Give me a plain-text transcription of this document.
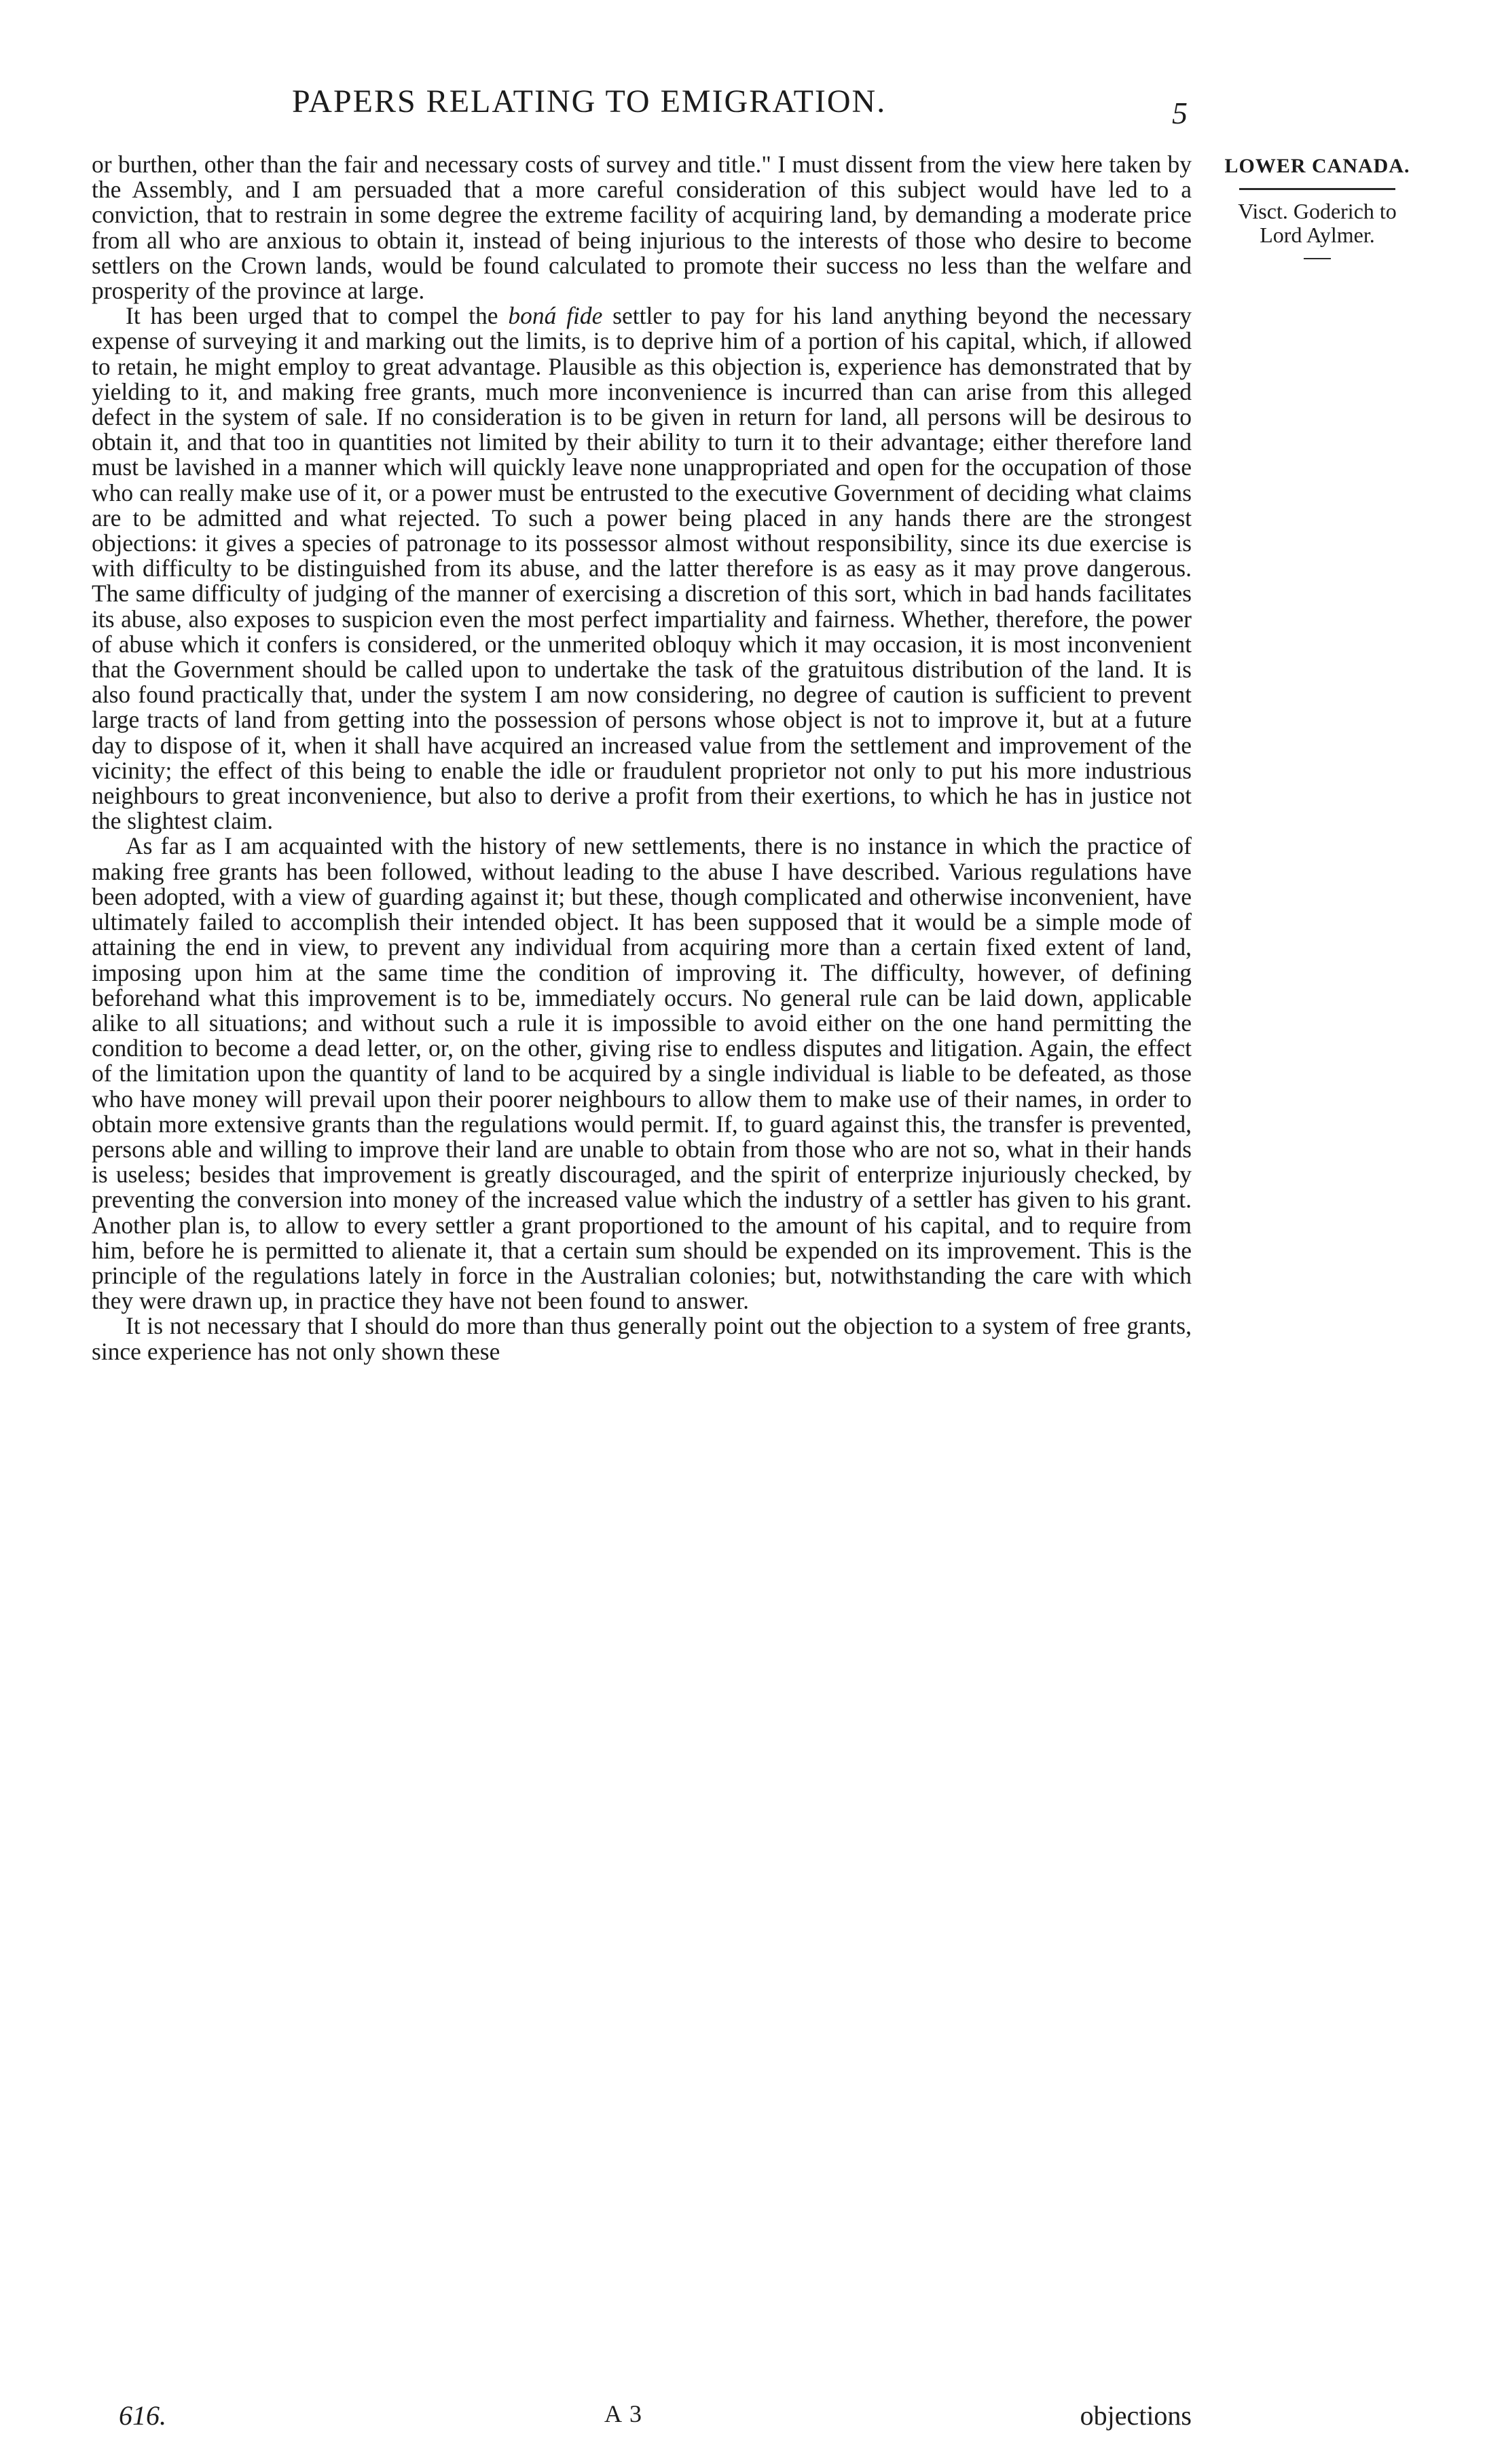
PAPERS RELATING TO EMIGRATION.	5
LOWER CANADA.
Visct. Goderich to
Lord Aylmer.

or burthen, other than the fair and necessary costs of survey and title." I must dissent from the view here taken by the Assembly, and I am persuaded that a more careful consideration of this subject would have led to a conviction, that to restrain in some degree the extreme facility of acquiring land, by demanding a moderate price from all who are anxious to obtain it, instead of being injurious to the interests of those who desire to become settlers on the Crown lands, would be found calculated to promote their success no less than the welfare and prosperity of the province at large.

It has been urged that to compel the boná fide settler to pay for his land anything beyond the necessary expense of surveying it and marking out the limits, is to deprive him of a portion of his capital, which, if allowed to retain, he might employ to great advantage. Plausible as this objection is, experience has demonstrated that by yielding to it, and making free grants, much more inconvenience is incurred than can arise from this alleged defect in the system of sale. If no consideration is to be given in return for land, all persons will be desirous to obtain it, and that too in quantities not limited by their ability to turn it to their advantage; either therefore land must be lavished in a manner which will quickly leave none unappropriated and open for the occupation of those who can really make use of it, or a power must be entrusted to the executive Government of deciding what claims are to be admitted and what rejected. To such a power being placed in any hands there are the strongest objections: it gives a species of patronage to its possessor almost without responsibility, since its due exercise is with difficulty to be distinguished from its abuse, and the latter therefore is as easy as it may prove dangerous. The same difficulty of judging of the manner of exercising a discretion of this sort, which in bad hands facilitates its abuse, also exposes to suspicion even the most perfect impartiality and fairness. Whether, therefore, the power of abuse which it confers is considered, or the unmerited obloquy which it may occasion, it is most inconvenient that the Government should be called upon to undertake the task of the gratuitous distribution of the land. It is also found practically that, under the system I am now considering, no degree of caution is sufficient to prevent large tracts of land from getting into the possession of persons whose object is not to improve it, but at a future day to dispose of it, when it shall have acquired an increased value from the settlement and improvement of the vicinity; the effect of this being to enable the idle or fraudulent proprietor not only to put his more industrious neighbours to great inconvenience, but also to derive a profit from their exertions, to which he has in justice not the slightest claim.

As far as I am acquainted with the history of new settlements, there is no instance in which the practice of making free grants has been followed, without leading to the abuse I have described. Various regulations have been adopted, with a view of guarding against it; but these, though complicated and otherwise inconvenient, have ultimately failed to accomplish their intended object. It has been supposed that it would be a simple mode of attaining the end in view, to prevent any individual from acquiring more than a certain fixed extent of land, imposing upon him at the same time the condition of improving it. The difficulty, however, of defining beforehand what this improvement is to be, immediately occurs. No general rule can be laid down, applicable alike to all situations; and without such a rule it is impossible to avoid either on the one hand permitting the condition to become a dead letter, or, on the other, giving rise to endless disputes and litigation. Again, the effect of the limitation upon the quantity of land to be acquired by a single individual is liable to be defeated, as those who have money will prevail upon their poorer neighbours to allow them to make use of their names, in order to obtain more extensive grants than the regulations would permit. If, to guard against this, the transfer is prevented, persons able and willing to improve their land are unable to obtain from those who are not so, what in their hands is useless; besides that improvement is greatly discouraged, and the spirit of enterprize injuriously checked, by preventing the conversion into money of the increased value which the industry of a settler has given to his grant. Another plan is, to allow to every settler a grant proportioned to the amount of his capital, and to require from him, before he is permitted to alienate it, that a certain sum should be expended on its improvement. This is the principle of the regulations lately in force in the Australian colonies; but, notwithstanding the care with which they were drawn up, in practice they have not been found to answer.

It is not necessary that I should do more than thus generally point out the objection to a system of free grants, since experience has not only shown these

616.	A 3	objections
